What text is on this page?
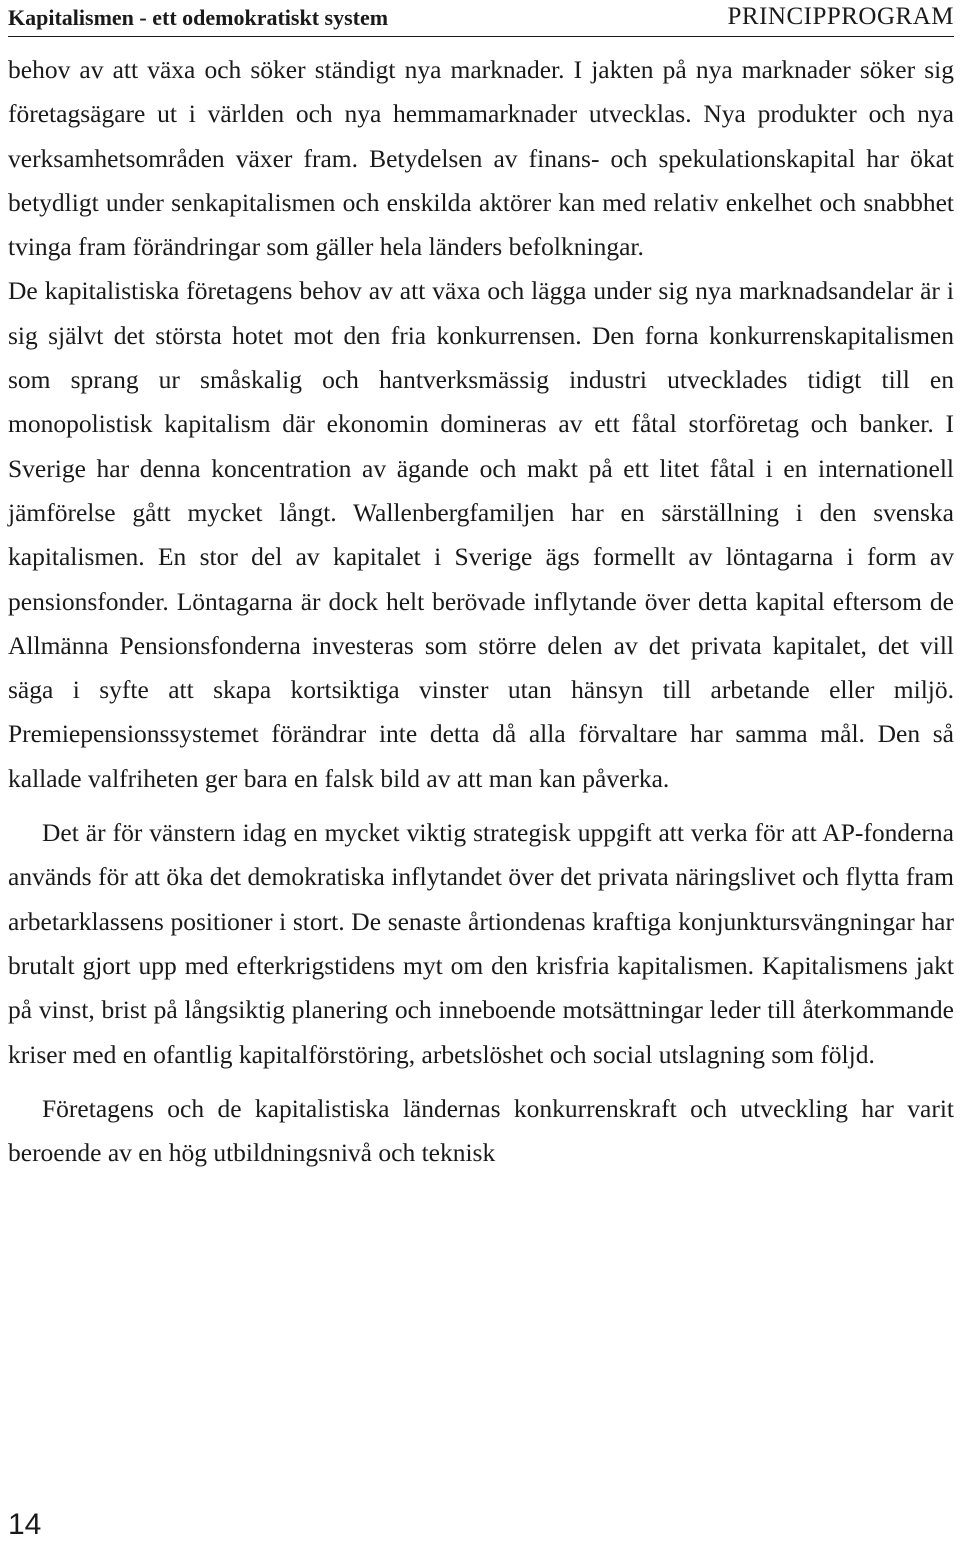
Kapitalismen - ett odemokratiskt system	PRINCIPPROGRAM

behov av att växa och söker ständigt nya marknader. I jakten på nya marknader söker sig företagsägare ut i världen och nya hemmamarknader utvecklas. Nya produkter och nya verksamhetsområden växer fram. Betydelsen av finans- och spekulationskapital har ökat betydligt under senkapitalismen och enskilda aktörer kan med relativ enkelhet och snabbhet tvinga fram förändringar som gäller hela länders befolkningar.

De kapitalistiska företagens behov av att växa och lägga under sig nya marknadsandelar är i sig självt det största hotet mot den fria konkurrensen. Den forna konkurrenskapitalismen som sprang ur småskalig och hantverksmässig industri utvecklades tidigt till en monopolistisk kapitalism där ekonomin domineras av ett fåtal storföretag och banker. I Sverige har denna koncentration av ägande och makt på ett litet fåtal i en internationell jämförelse gått mycket långt. Wallenbergfamiljen har en särställning i den svenska kapitalismen. En stor del av kapitalet i Sverige ägs formellt av löntagarna i form av pensionsfonder. Löntagarna är dock helt berövade inflytande över detta kapital eftersom de Allmänna Pensionsfonderna investeras som större delen av det privata kapitalet, det vill säga i syfte att skapa kortsiktiga vinster utan hänsyn till arbetande eller miljö. Premiepensionssystemet förändrar inte detta då alla förvaltare har samma mål. Den så kallade valfriheten ger bara en falsk bild av att man kan påverka.

Det är för vänstern idag en mycket viktig strategisk uppgift att verka för att AP-fonderna används för att öka det demokratiska inflytandet över det privata näringslivet och flytta fram arbetarklassens positioner i stort. De senaste årtiondenas kraftiga konjunktursvängningar har brutalt gjort upp med efterkrigstidens myt om den krisfria kapitalismen. Kapitalismens jakt på vinst, brist på långsiktig planering och inneboende motsättningar leder till återkommande kriser med en ofantlig kapitalförstöring, arbetslöshet och social utslagning som följd.

Företagens och de kapitalistiska ländernas konkurrenskraft och utveckling har varit beroende av en hög utbildningsnivå och teknisk

14
